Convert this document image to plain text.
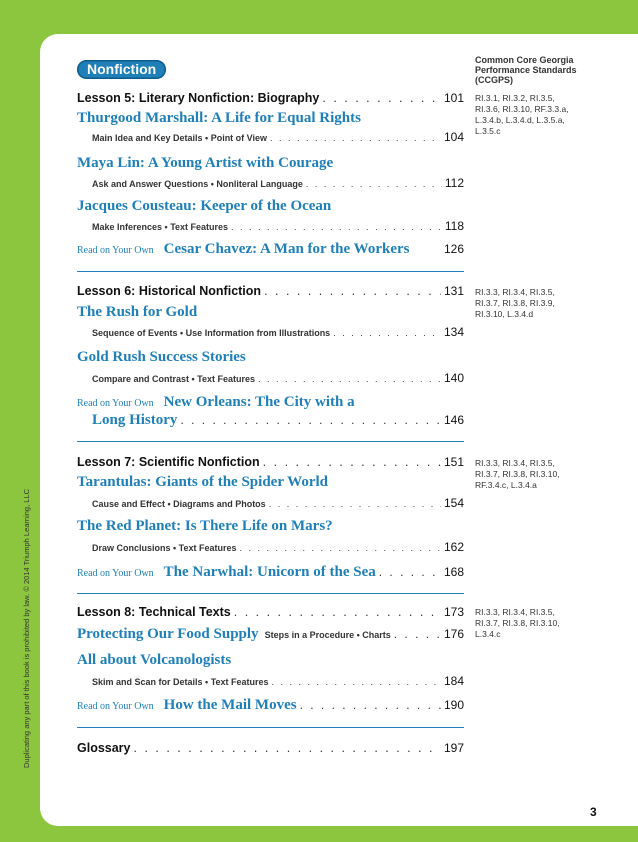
Duplicating any part of this book is prohibited by law. © 2014 Triumph Learning, LLC
Nonfiction
Common Core Georgia Performance Standards (CCGPS)
Lesson 5: Literary Nonfiction: Biography . . .	101 RI.3.1, RI.3.2, RI.3.5, RI.3.6, RI.3.10, RF.3.3.a, L.3.4.b, L.3.4.d, L.3.5.a, L.3.5.c
Thurgood Marshall: A Life for Equal Rights
Main Idea and Key Details • Point of View . . .	104
Maya Lin: A Young Artist with Courage
Ask and Answer Questions • Nonliteral Language . . .	112
Jacques Cousteau: Keeper of the Ocean
Make Inferences • Text Features . . .	118
Read on Your Own Cesar Chavez: A Man for the Workers	126
Lesson 6: Historical Nonfiction . . .	131 RI.3.3, RI.3.4, RI.3.5, RI.3.7, RI.3.8, RI.3.9, RI.3.10, L.3.4.d
The Rush for Gold
Sequence of Events • Use Information from Illustrations . . .	134
Gold Rush Success Stories
Compare and Contrast • Text Features . . .	140
Read on Your Own New Orleans: The City with a
Long History . . .	146
Lesson 7: Scientific Nonfiction . . .	151 RI.3.3, RI.3.4, RI.3.5, RI.3.7, RI.3.8, RI.3.10, RF.3.4.c, L.3.4.a
Tarantulas: Giants of the Spider World
Cause and Effect • Diagrams and Photos . . .	154
The Red Planet: Is There Life on Mars?
Draw Conclusions • Text Features . . .	162
Read on Your Own The Narwhal: Unicorn of the Sea . . .	168
Lesson 8: Technical Texts . . .	173 RI.3.3, RI.3.4, RI.3.5, RI.3.7, RI.3.8, RI.3.10, L.3.4.c
Protecting Our Food Supply Steps in a Procedure • Charts . . .	176
All about Volcanologists
Skim and Scan for Details • Text Features . . .	184
Read on Your Own How the Mail Moves . . .	190
Glossary . . .	197
3
